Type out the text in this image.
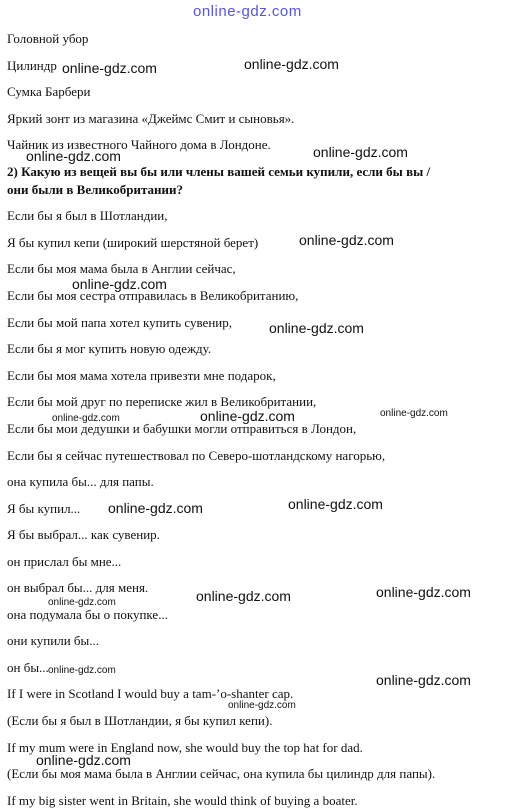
online-gdz.com
Головной убор
Цилиндр
Сумка Барбери
Яркий зонт из магазина «Джеймс Смит и сыновья».
Чайник из известного Чайного дома в Лондоне.
2) Какую из вещей вы бы или члены вашей семьи купили, если бы вы /
они были в Великобритании?
Если бы я был в Шотландии,
Я бы купил кепи (широкий шерстяной берет)
Если бы моя мама была в Англии сейчас,
Если бы моя сестра отправилась в Великобританию,
Если бы мой папа хотел купить сувенир,
Если бы я мог купить новую одежду.
Если бы моя мама хотела привезти мне подарок,
Если бы мой друг по переписке жил в Великобритании,
Если бы мои дедушки и бабушки могли отправиться в Лондон,
Если бы я сейчас путешествовал по Северо-шотландскому нагорью,
она купила бы... для папы.
Я бы купил...
Я бы выбрал... как сувенир.
он прислал бы мне...
он выбрал бы... для меня.
она подумала бы о покупке...
они купили бы...
он бы...
If I were in Scotland I would buy a tam-’o-shanter cap.
(Если бы я был в Шотландии, я бы купил кепи).
If my mum were in England now, she would buy the top hat for dad.
(Если бы моя мама была в Англии сейчас, она купила бы цилиндр для папы).
If my big sister went in Britain, she would think of buying a boater.
online-gdz.com	online-gdz.com
online-gdz.com	online-gdz.com
online-gdz.com
online-gdz.com
online-gdz.com
online-gdz.com	online-gdz.com	online-gdz.com
online-gdz.com
online-gdz.com
online-gdz.com	online-gdz.com
online-gdz.com
online-gdz.com
online-gdz.com
online-gdz.com
online-gdz.com
